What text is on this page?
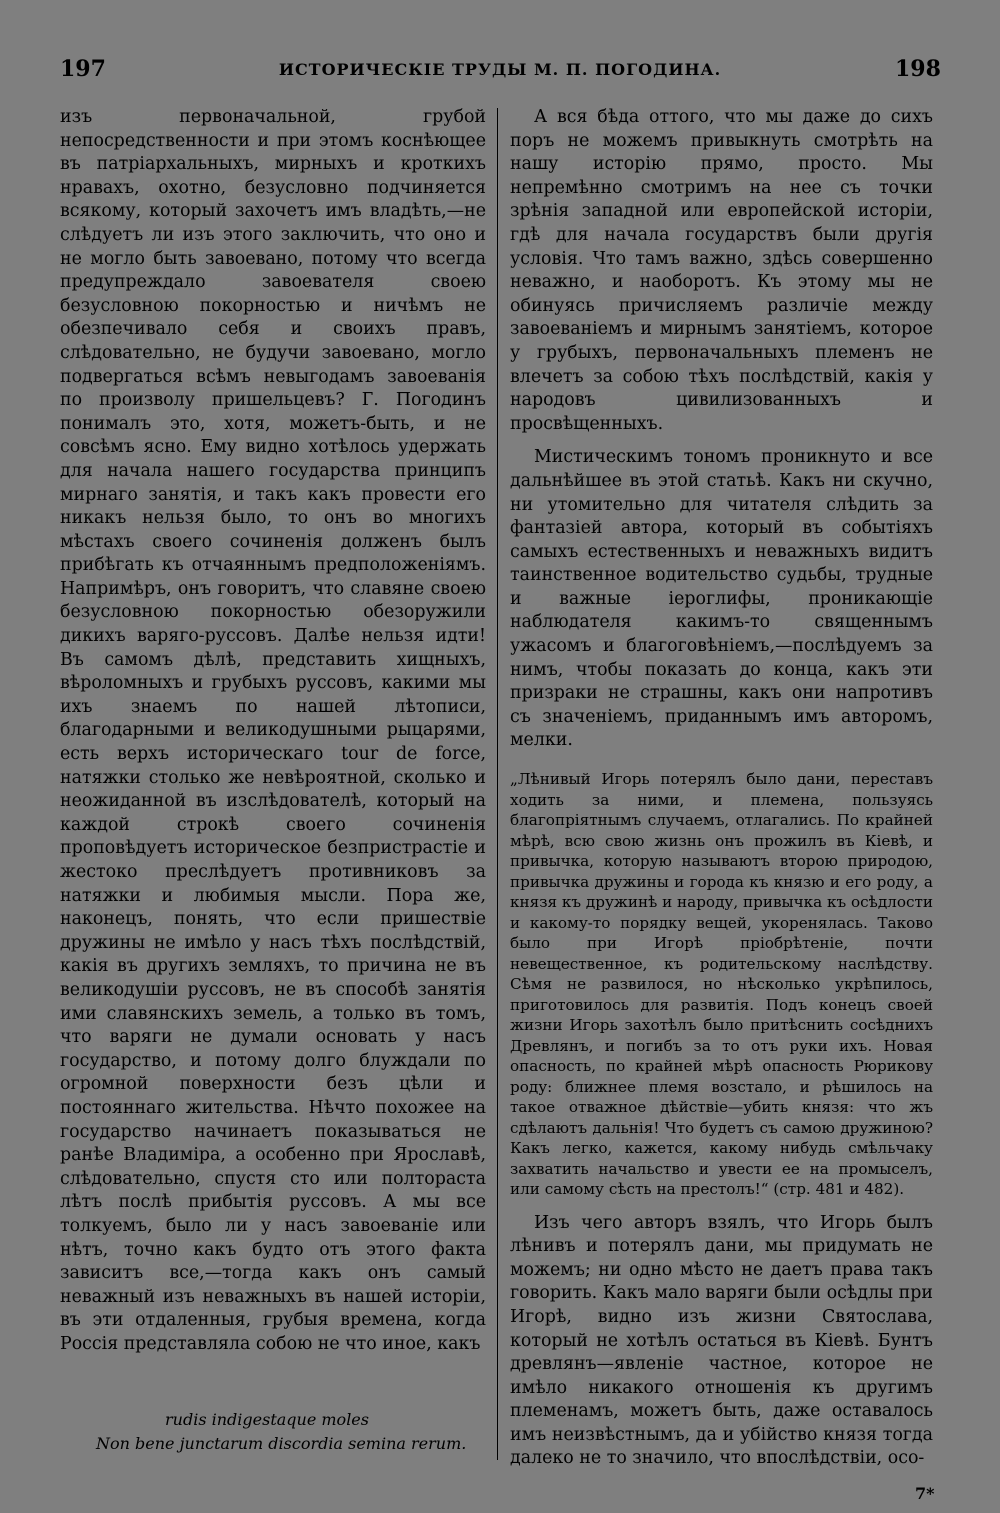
197	ИСТОРИЧЕСКІЕ ТРУДЫ М. П. ПОГОДИНА.	198

изъ первоначальной, грубой непосредственности и при этомъ коснѣющее въ патріархальныхъ, мирныхъ и кроткихъ нравахъ, охотно, безусловно подчиняется всякому, который захочетъ имъ владѣть,—не слѣдуетъ ли изъ этого заключить, что оно и не могло быть завоевано, потому что всегда предупреждало завоевателя своею безусловною покорностью и ничѣмъ не обезпечивало себя и своихъ правъ, слѣдовательно, не будучи завоевано, могло подвергаться всѣмъ невыгодамъ завоеванія по произволу пришельцевъ? Г. Погодинъ понималъ это, хотя, можетъ-быть, и не совсѣмъ ясно. Ему видно хотѣлось удержать для начала нашего государства принципъ мирнаго занятія, и такъ какъ провести его никакъ нельзя было, то онъ во многихъ мѣстахъ своего сочиненія долженъ былъ прибѣгать къ отчаяннымъ предположеніямъ. Напримѣръ, онъ говоритъ, что славяне своею безусловною покорностью обезоружили дикихъ варяго-руссовъ. Далѣе нельзя идти! Въ самомъ дѣлѣ, представить хищныхъ, вѣроломныхъ и грубыхъ руссовъ, какими мы ихъ знаемъ по нашей лѣтописи, благодарными и великодушными рыцарями, есть верхъ историческаго tour de force, натяжки столько же невѣроятной, сколько и неожиданной въ изслѣдователѣ, который на каждой строкѣ своего сочиненія проповѣдуетъ историческое безпристрастіе и жестоко преслѣдуетъ противниковъ за натяжки и любимыя мысли. Пора же, наконецъ, понять, что если пришествіе дружины не имѣло у насъ тѣхъ послѣдствій, какія въ другихъ земляхъ, то причина не въ великодушіи руссовъ, не въ способѣ занятія ими славянскихъ земель, а только въ томъ, что варяги не думали основать у насъ государство, и потому долго блуждали по огромной поверхности безъ цѣли и постояннаго жительства. Нѣчто похожее на государство начинаетъ показываться не ранѣе Владиміра, а особенно при Ярославѣ, слѣдовательно, спустя сто или полтораста лѣтъ послѣ прибытія руссовъ. А мы все толкуемъ, было ли у насъ завоеваніе или нѣтъ, точно какъ будто отъ этого факта зависитъ все,—тогда какъ онъ самый неважный изъ неважныхъ въ нашей исторіи, въ эти отдаленныя, грубыя времена, когда Россія представляла собою не что иное, какъ

rudis indigestaque moles
Non bene junctarum discordia semina rerum.

А вся бѣда оттого, что мы даже до сихъ поръ не можемъ привыкнуть смотрѣть на нашу исторію прямо, просто. Мы непремѣнно смотримъ на нее съ точки зрѣнія западной или европейской исторіи, гдѣ для начала государствъ были другія условія. Что тамъ важно, здѣсь совершенно неважно, и наоборотъ. Къ этому мы не обинуясь причисляемъ различіе между завоеваніемъ и мирнымъ занятіемъ, которое у грубыхъ, первоначальныхъ племенъ не влечетъ за собою тѣхъ послѣдствій, какія у народовъ цивилизованныхъ и просвѣщенныхъ.

Мистическимъ тономъ проникнуто и все дальнѣйшее въ этой статьѣ. Какъ ни скучно, ни утомительно для читателя слѣдить за фантазіей автора, который въ событіяхъ самыхъ естественныхъ и неважныхъ видитъ таинственное водительство судьбы, трудные и важные іероглифы, проникающіе наблюдателя какимъ-то священнымъ ужасомъ и благоговѣніемъ,—послѣдуемъ за нимъ, чтобы показать до конца, какъ эти призраки не страшны, какъ они напротивъ съ значеніемъ, приданнымъ имъ авторомъ, мелки.

„Лѣнивый Игорь потерялъ было дани, переставъ ходить за ними, и племена, пользуясь благопріятнымъ случаемъ, отлагались. По крайней мѣрѣ, всю свою жизнь онъ прожилъ въ Кіевѣ, и привычка, которую называютъ второю природою, привычка дружины и города къ князю и его роду, а князя къ дружинѣ и народу, привычка къ осѣдлости и какому-то порядку вещей, укоренялась. Таково было при Игорѣ пріобрѣтеніе, почти невещественное, къ родительскому наслѣдству. Сѣмя не развилося, но нѣсколько укрѣпилось, приготовилось для развитія. Подъ конецъ своей жизни Игорь захотѣлъ было притѣснить сосѣднихъ Древлянъ, и погибъ за то отъ руки ихъ. Новая опасность, по крайней мѣрѣ опасность Рюрикову роду: ближнее племя возстало, и рѣшилось на такое отважное дѣйствіе—убить князя: что жъ сдѣлаютъ дальнія! Что будетъ съ самою дружиною? Какъ легко, кажется, какому нибудь смѣльчаку захватить начальство и увести ее на промыселъ, или самому сѣсть на престолъ!“ (стр. 481 и 482).

Изъ чего авторъ взялъ, что Игорь былъ лѣнивъ и потерялъ дани, мы придумать не можемъ; ни одно мѣсто не даетъ права такъ говорить. Какъ мало варяги были осѣдлы при Игорѣ, видно изъ жизни Святослава, который не хотѣлъ остаться въ Кіевѣ. Бунтъ древлянъ—явленіе частное, которое не имѣло никакого отношенія къ другимъ племенамъ, можетъ быть, даже оставалось имъ неизвѣстнымъ, да и убійство князя тогда далеко не то значило, что впослѣдствіи, осо-

7*
